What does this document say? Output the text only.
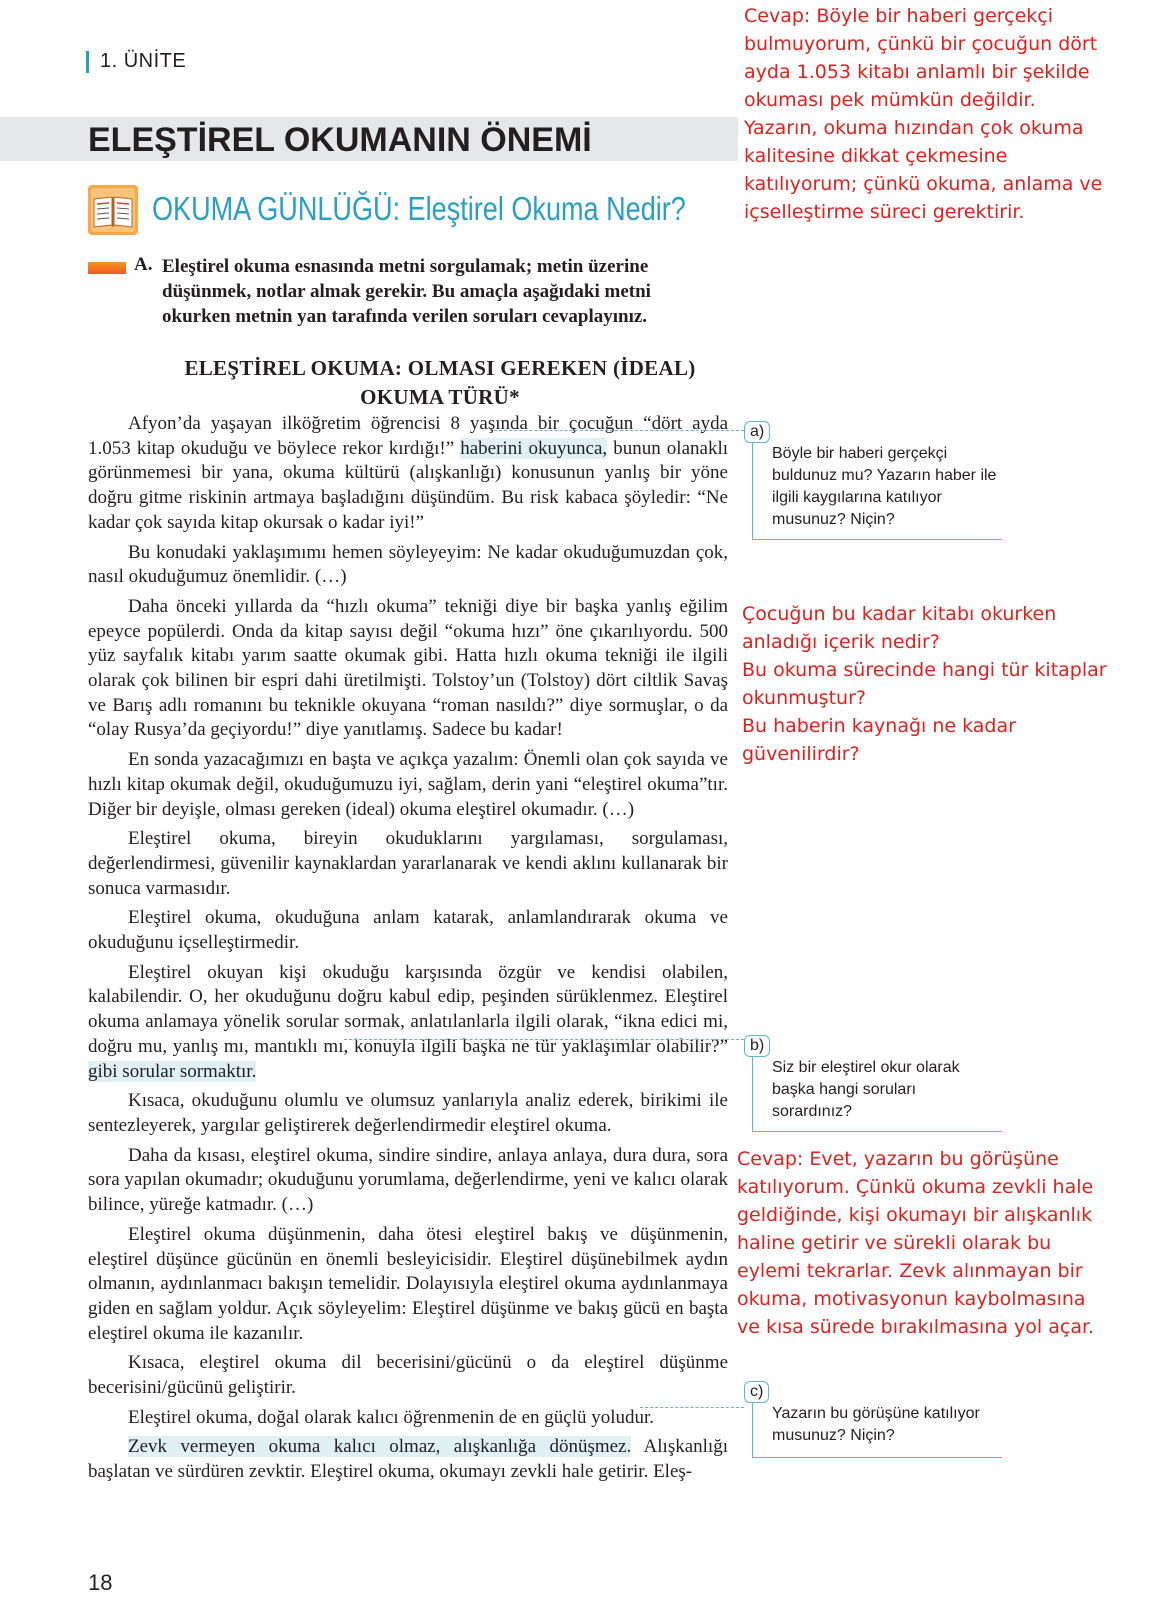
1. ÜNİTE
ELEŞTİREL OKUMANIN ÖNEMİ
OKUMA GÜNLÜĞÜ: Eleştirel Okuma Nedir?
A. Eleştirel okuma esnasında metni sorgulamak; metin üzerine düşünmek, notlar almak gerekir. Bu amaçla aşağıdaki metni okurken metnin yan tarafında verilen soruları cevaplayınız.
ELEŞTİREL OKUMA: OLMASI GEREKEN (İDEAL)
OKUMA TÜRÜ*

Afyon’da yaşayan ilköğretim öğrencisi 8 yaşında bir çocuğun “dört ayda 1.053 kitap okuduğu ve böylece rekor kırdığı!” haberini okuyunca, bunun olanaklı görünmemesi bir yana, okuma kültürü (alışkanlığı) konusunun yanlış bir yöne doğru gitme riskinin artmaya başladığını düşündüm. Bu risk kabaca şöyledir: “Ne kadar çok sayıda kitap okursak o kadar iyi!”

Bu konudaki yaklaşımımı hemen söyleyeyim: Ne kadar okuduğumuzdan çok, nasıl okuduğumuz önemlidir. (…)

Daha önceki yıllarda da “hızlı okuma” tekniği diye bir başka yanlış eğilim epeyce popülerdi. Onda da kitap sayısı değil “okuma hızı” öne çıkarılıyordu. 500 yüz sayfalık kitabı yarım saatte okumak gibi. Hatta hızlı okuma tekniği ile ilgili olarak çok bilinen bir espri dahi üretilmişti. Tolstoy’un (Tolstoy) dört ciltlik Savaş ve Barış adlı romanını bu teknikle okuyana “roman nasıldı?” diye sormuşlar, o da “olay Rusya’da geçiyordu!” diye yanıtlamış. Sadece bu kadar!

En sonda yazacağımızı en başta ve açıkça yazalım: Önemli olan çok sayıda ve hızlı kitap okumak değil, okuduğumuzu iyi, sağlam, derin yani “eleştirel okuma”tır. Diğer bir deyişle, olması gereken (ideal) okuma eleştirel okumadır. (…)

Eleştirel okuma, bireyin okuduklarını yargılaması, sorgulaması, değerlendirmesi, güvenilir kaynaklardan yararlanarak ve kendi aklını kullanarak bir sonuca varmasıdır.

Eleştirel okuma, okuduğuna anlam katarak, anlamlandırarak okuma ve okuduğunu içselleştirmedir.

Eleştirel okuyan kişi okuduğu karşısında özgür ve kendisi olabilen, kalabilendir. O, her okuduğunu doğru kabul edip, peşinden sürüklenmez. Eleştirel okuma anlamaya yönelik sorular sormak, anlatılanlarla ilgili olarak, “ikna edici mi, doğru mu, yanlış mı, mantıklı mı, konuyla ilgili başka ne tür yaklaşımlar olabilir?” gibi sorular sormaktır.

Kısaca, okuduğunu olumlu ve olumsuz yanlarıyla analiz ederek, birikimi ile sentezleyerek, yargılar geliştirerek değerlendirmedir eleştirel okuma.

Daha da kısası, eleştirel okuma, sindire sindire, anlaya anlaya, dura dura, sora sora yapılan okumadır; okuduğunu yorumlama, değerlendirme, yeni ve kalıcı olarak bilince, yüreğe katmadır. (…)

Eleştirel okuma düşünmenin, daha ötesi eleştirel bakış ve düşünmenin, eleştirel düşünce gücünün en önemli besleyicisidir. Eleştirel düşünebilmek aydın olmanın, aydınlanmacı bakışın temelidir. Dolayısıyla eleştirel okuma aydınlanmaya giden en sağlam yoldur. Açık söyleyelim: Eleştirel düşünme ve bakış gücü en başta eleştirel okuma ile kazanılır.

Kısaca, eleştirel okuma dil becerisini/gücünü o da eleştirel düşünme becerisini/gücünü geliştirir.

Eleştirel okuma, doğal olarak kalıcı öğrenmenin de en güçlü yoludur.

Zevk vermeyen okuma kalıcı olmaz, alışkanlığa dönüşmez. Alışkanlığı başlatan ve sürdüren zevktir. Eleştirel okuma, okumayı zevkli hale getirir. Eleş-

a)
Böyle bir haberi gerçekçi buldunuz mu? Yazarın haber ile ilgili kaygılarına katılıyor musunuz? Niçin?
b)
Siz bir eleştirel okur olarak başka hangi soruları sorardınız?
c)
Yazarın bu görüşüne katılıyor musunuz? Niçin?
Cevap: Böyle bir haberi gerçekçi bulmuyorum, çünkü bir çocuğun dört ayda 1.053 kitabı anlamlı bir şekilde okuması pek mümkün değildir. Yazarın, okuma hızından çok okuma kalitesine dikkat çekmesine katılıyorum; çünkü okuma, anlama ve içselleştirme süreci gerektirir.
Çocuğun bu kadar kitabı okurken anladığı içerik nedir?
Bu okuma sürecinde hangi tür kitaplar okunmuştur?
Bu haberin kaynağı ne kadar güvenilirdir?
Cevap: Evet, yazarın bu görüşüne katılıyorum. Çünkü okuma zevkli hale geldiğinde, kişi okumayı bir alışkanlık haline getirir ve sürekli olarak bu eylemi tekrarlar. Zevk alınmayan bir okuma, motivasyonun kaybolmasına ve kısa sürede bırakılmasına yol açar.
18
